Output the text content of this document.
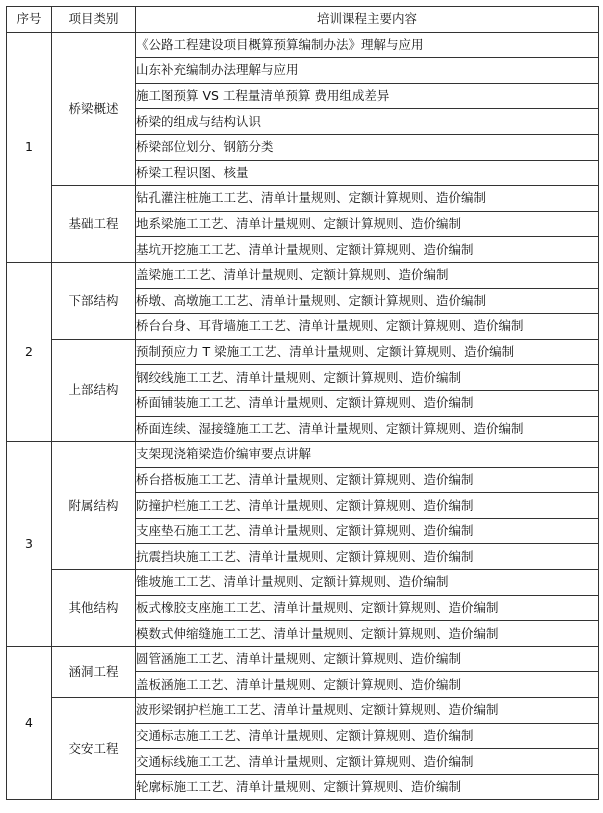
序号	项目类别	培训课程主要内容
1	桥梁概述	《公路工程建设项目概算预算编制办法》理解与应用
		山东补充编制办法理解与应用
		施工图预算 VS 工程量清单预算 费用组成差异
		桥梁的组成与结构认识
		桥梁部位划分、钢筋分类
		桥梁工程识图、核量
	基础工程	钻孔灌注桩施工工艺、清单计量规则、定额计算规则、造价编制
		地系梁施工工艺、清单计量规则、定额计算规则、造价编制
		基坑开挖施工工艺、清单计量规则、定额计算规则、造价编制
2	下部结构	盖梁施工工艺、清单计量规则、定额计算规则、造价编制
		桥墩、高墩施工工艺、清单计量规则、定额计算规则、造价编制
		桥台台身、耳背墙施工工艺、清单计量规则、定额计算规则、造价编制
	上部结构	预制预应力 T 梁施工工艺、清单计量规则、定额计算规则、造价编制
		钢绞线施工工艺、清单计量规则、定额计算规则、造价编制
		桥面铺装施工工艺、清单计量规则、定额计算规则、造价编制
		桥面连续、湿接缝施工工艺、清单计量规则、定额计算规则、造价编制
3	附属结构	支架现浇箱梁造价编审要点讲解
		桥台搭板施工工艺、清单计量规则、定额计算规则、造价编制
		防撞护栏施工工艺、清单计量规则、定额计算规则、造价编制
		支座垫石施工工艺、清单计量规则、定额计算规则、造价编制
		抗震挡块施工工艺、清单计量规则、定额计算规则、造价编制
	其他结构	锥坡施工工艺、清单计量规则、定额计算规则、造价编制
		板式橡胶支座施工工艺、清单计量规则、定额计算规则、造价编制
		模数式伸缩缝施工工艺、清单计量规则、定额计算规则、造价编制
4	涵洞工程	圆管涵施工工艺、清单计量规则、定额计算规则、造价编制
		盖板涵施工工艺、清单计量规则、定额计算规则、造价编制
	交安工程	波形梁钢护栏施工工艺、清单计量规则、定额计算规则、造价编制
		交通标志施工工艺、清单计量规则、定额计算规则、造价编制
		交通标线施工工艺、清单计量规则、定额计算规则、造价编制
		轮廓标施工工艺、清单计量规则、定额计算规则、造价编制
